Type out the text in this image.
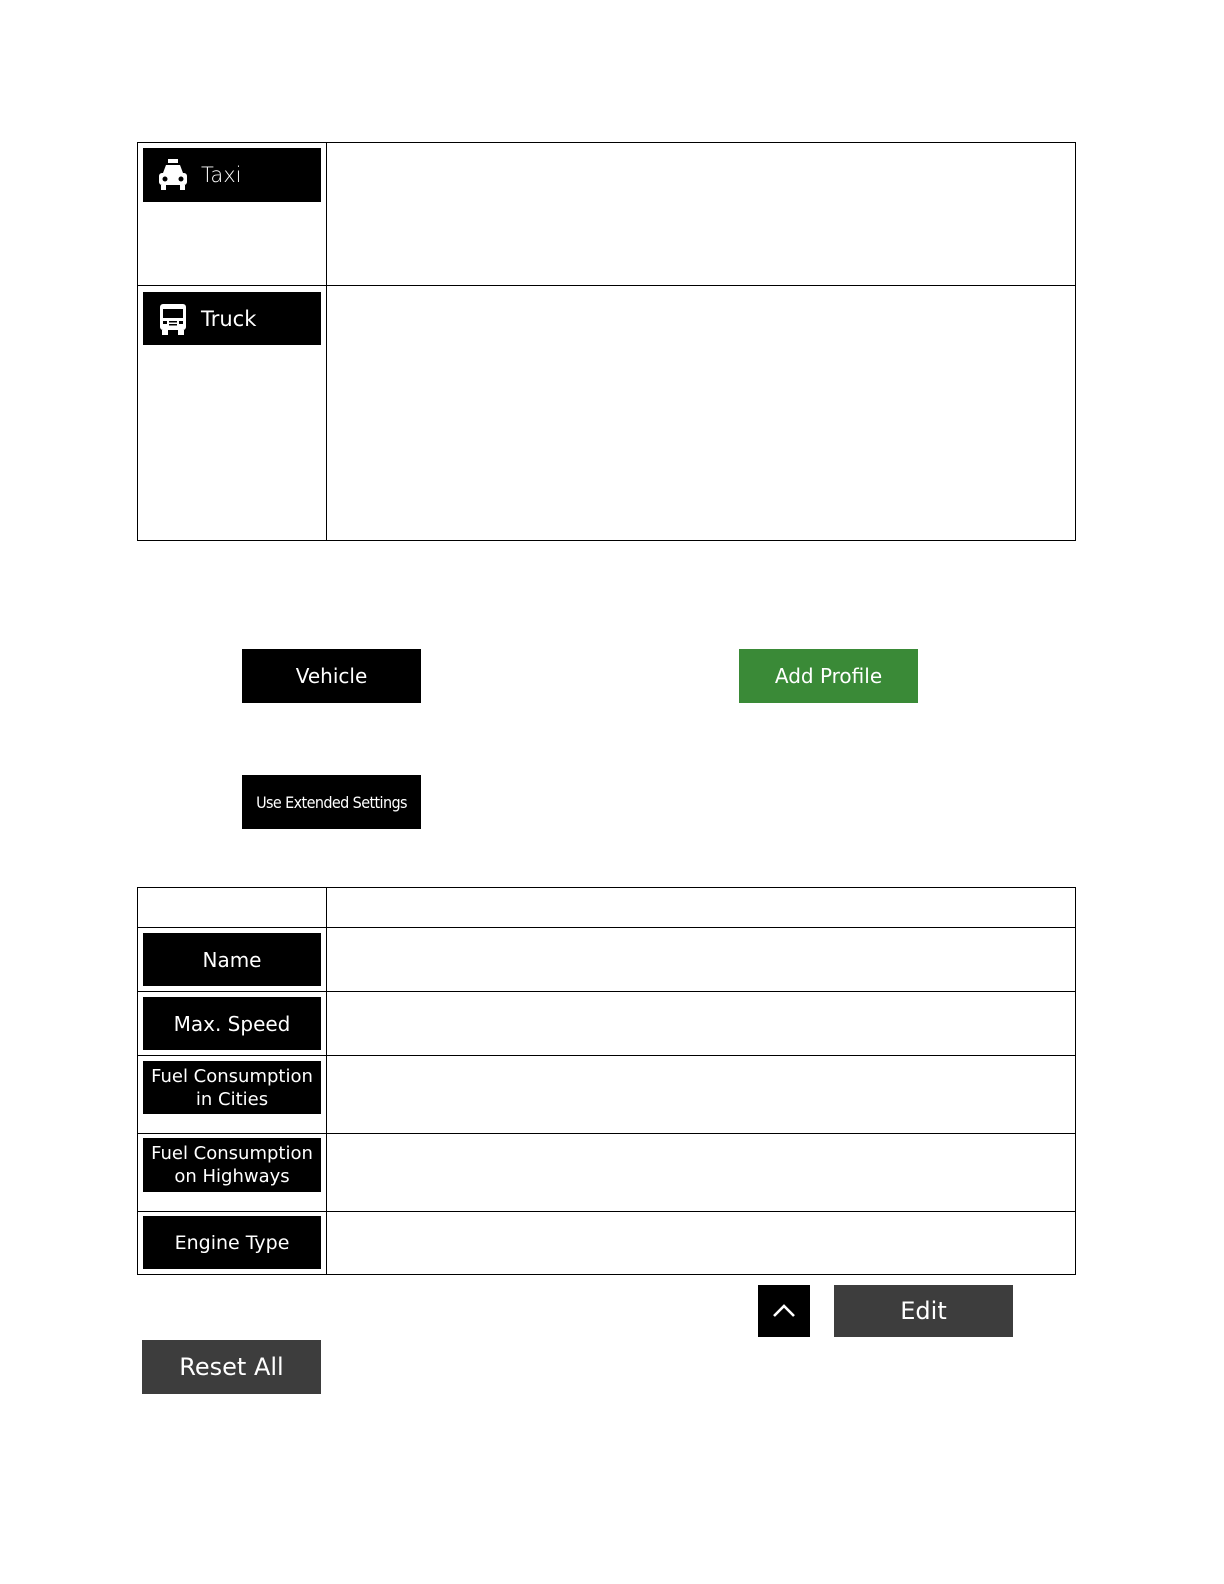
Taxi
Truck
Vehicle	Add Profile
Use Extended Settings
Name
Max. Speed
Fuel Consumption
in Cities
Fuel Consumption
on Highways
Engine Type
Edit
Reset All
